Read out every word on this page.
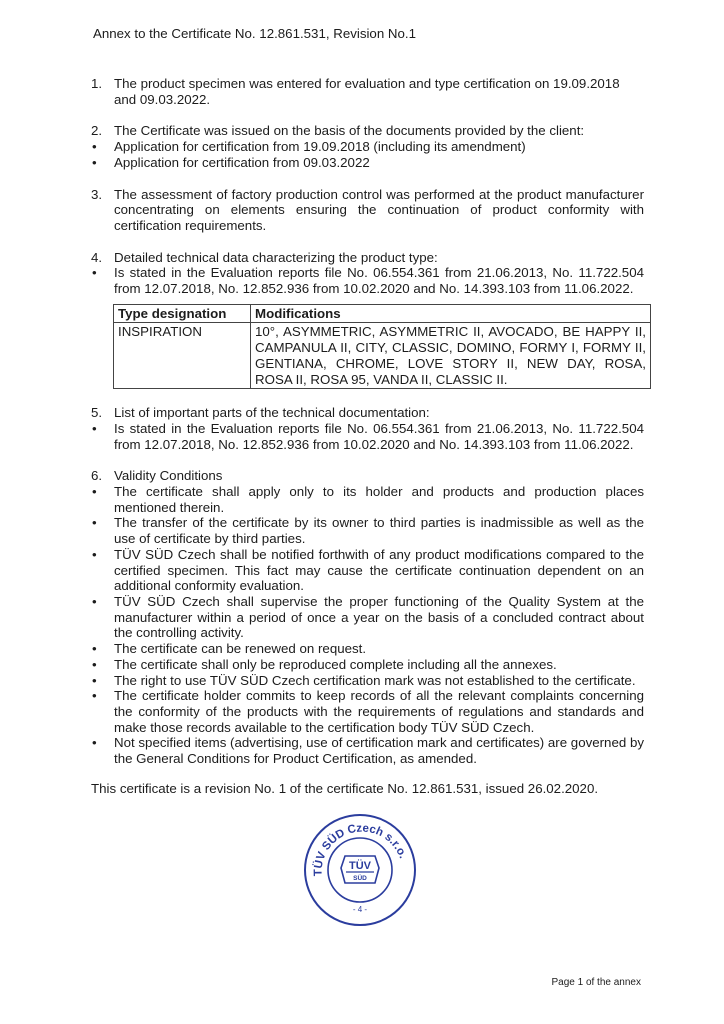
Annex to the Certificate No. 12.861.531, Revision No.1
1. The product specimen was entered for evaluation and type certification on 19.09.2018 and 09.03.2022.
2. The Certificate was issued on the basis of the documents provided by the client:
•	Application for certification from 19.09.2018 (including its amendment)
•	Application for certification from 09.03.2022
3. The assessment of factory production control was performed at the product manufacturer concentrating on elements ensuring the continuation of product conformity with certification requirements.
4. Detailed technical data characterizing the product type:
•	Is stated in the Evaluation reports file No. 06.554.361 from 21.06.2013, No. 11.722.504 from 12.07.2018, No. 12.852.936 from 10.02.2020 and No. 14.393.103 from 11.06.2022.
Type designation	Modifications
INSPIRATION	10°, ASYMMETRIC, ASYMMETRIC II, AVOCADO, BE HAPPY II, CAMPANULA II, CITY, CLASSIC, DOMINO, FORMY I, FORMY II, GENTIANA, CHROME, LOVE STORY II, NEW DAY, ROSA, ROSA II, ROSA 95, VANDA II, CLASSIC II.
5. List of important parts of the technical documentation:
•	Is stated in the Evaluation reports file No. 06.554.361 from 21.06.2013, No. 11.722.504 from 12.07.2018, No. 12.852.936 from 10.02.2020 and No. 14.393.103 from 11.06.2022.
6. Validity Conditions
•	The certificate shall apply only to its holder and products and production places mentioned therein.
•	The transfer of the certificate by its owner to third parties is inadmissible as well as the use of certificate by third parties.
•	TÜV SÜD Czech shall be notified forthwith of any product modifications compared to the certified specimen. This fact may cause the certificate continuation dependent on an additional conformity evaluation.
•	TÜV SÜD Czech shall supervise the proper functioning of the Quality System at the manufacturer within a period of once a year on the basis of a concluded contract about the controlling activity.
•	The certificate can be renewed on request.
•	The certificate shall only be reproduced complete including all the annexes.
•	The right to use TÜV SÜD Czech certification mark was not established to the certificate.
•	The certificate holder commits to keep records of all the relevant complaints concerning the conformity of the products with the requirements of regulations and standards and make those records available to the certification body TÜV SÜD Czech.
•	Not specified items (advertising, use of certification mark and certificates) are governed by the General Conditions for Product Certification, as amended.
This certificate is a revision No. 1 of the certificate No. 12.861.531, issued 26.02.2020.
TÜV SÜD Czech s.r.o.
TÜV
SÜD
- 4 -
Page 1 of the annex
